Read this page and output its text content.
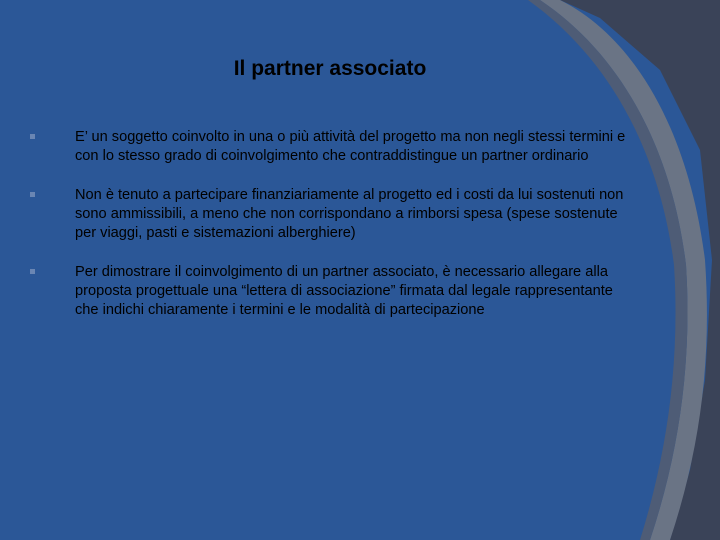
Il partner associato
E’ un soggetto coinvolto in una o più attività del progetto ma non negli stessi termini e con lo stesso grado di coinvolgimento che contraddistingue un partner ordinario
Non è tenuto a partecipare finanziariamente al progetto ed i costi da lui sostenuti non sono ammissibili, a meno che non corrispondano a rimborsi spesa (spese sostenute per viaggi, pasti e sistemazioni alberghiere)
Per dimostrare il coinvolgimento di un partner associato, è necessario allegare alla proposta progettuale una “lettera di associazione” firmata dal legale rappresentante che indichi chiaramente i termini e le modalità di partecipazione
